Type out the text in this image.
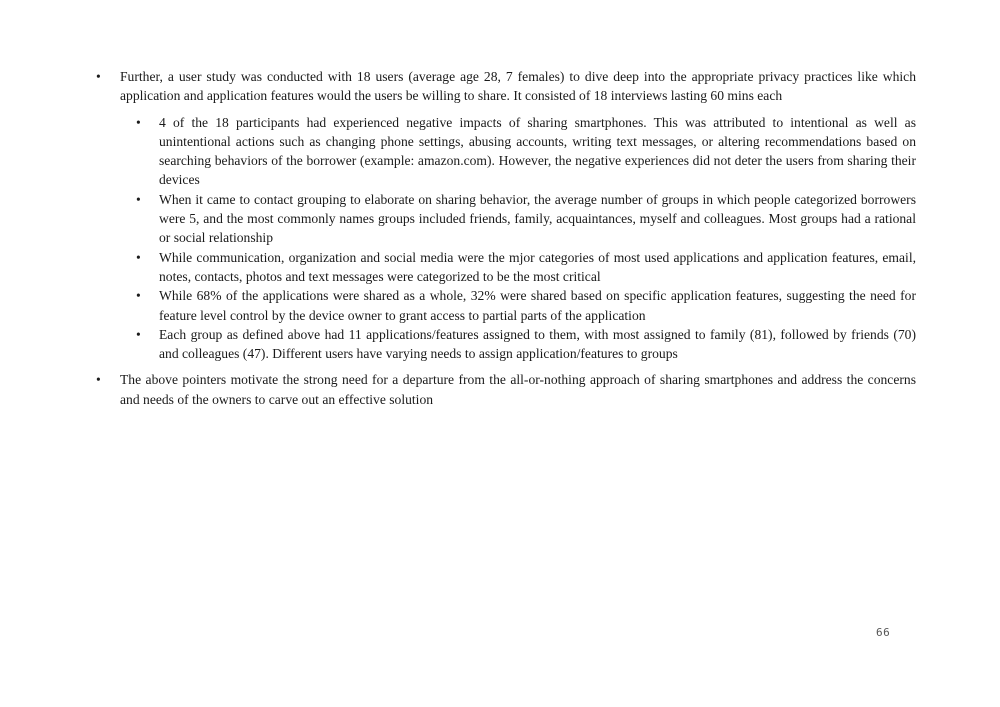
• Further, a user study was conducted with 18 users (average age 28, 7 females) to dive deep into the appropriate privacy practices like which application and application features would the users be willing to share. It consisted of 18 interviews lasting 60 mins each
• 4 of the 18 participants had experienced negative impacts of sharing smartphones. This was attributed to intentional as well as unintentional actions such as changing phone settings, abusing accounts, writing text messages, or altering recommendations based on searching behaviors of the borrower (example: amazon.com). However, the negative experiences did not deter the users from sharing their devices
• When it came to contact grouping to elaborate on sharing behavior, the average number of groups in which people categorized borrowers were 5, and the most commonly names groups included friends, family, acquaintances, myself and colleagues. Most groups had a rational or social relationship
• While communication, organization and social media were the mjor categories of most used applications and application features, email, notes, contacts, photos and text messages were categorized to be the most critical
• While 68% of the applications were shared as a whole, 32% were shared based on specific application features, suggesting the need for feature level control by the device owner to grant access to partial parts of the application
• Each group as defined above had 11 applications/features assigned to them, with most assigned to family (81), followed by friends (70) and colleagues (47). Different users have varying needs to assign application/features to groups
• The above pointers motivate the strong need for a departure from the all-or-nothing approach of sharing smartphones and address the concerns and needs of the owners to carve out an effective solution
66
